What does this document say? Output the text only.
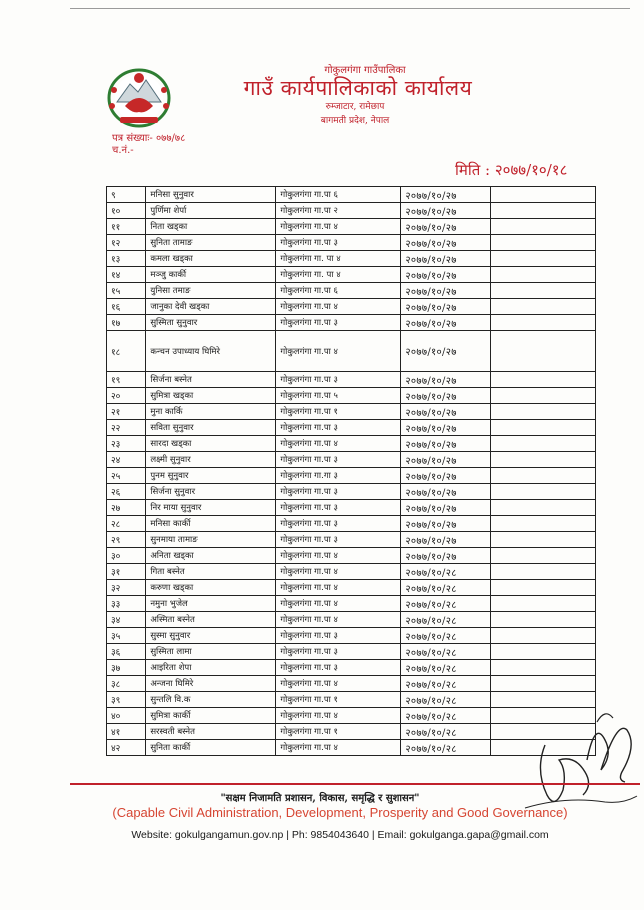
गोकुलगंगा गाउँपालिका
गाउँ कार्यपालिकाको कार्यालय
रुम्जाटार, रामेछाप
बागमती प्रदेश, नेपाल
पत्र संख्याः- ०७७/७८
च.नं.-
मिति : २०७७/१०/१८
९	मनिसा सुनुवार	गोकुलगंगा गा.पा ६	२०७७/१०/२७	
१०	पुर्णिमा शेर्पा	गोकुलगंगा गा.पा २	२०७७/१०/२७	
११	निता खड्का	गोकुलगंगा गा.पा ४	२०७७/१०/२७	
१२	सुनिता तामाङ	गोकुलगंगा गा.पा ३	२०७७/१०/२७	
१३	कमला खड्का	गोकुलगंगा गा. पा ४	२०७७/१०/२७	
१४	मञ्जु कार्की	गोकुलगंगा गा. पा ४	२०७७/१०/२७	
१५	युनिसा तमाङ	गोकुलगंगा गा.पा ६	२०७७/१०/२७	
१६	जानुका देवी खड्का	गोकुलगंगा गा.पा ४	२०७७/१०/२७	
१७	सुस्मिता सुनुवार	गोकुलगंगा गा.पा ३	२०७७/१०/२७	
१८	कन्चन उपाध्याय घिमिरे	गोकुलगंगा गा.पा ४	२०७७/१०/२७	
१९	सिर्जना बस्नेत	गोकुलगंगा गा.पा ३	२०७७/१०/२७	
२०	सुमित्रा खड्का	गोकुलगंगा गा.पा ५	२०७७/१०/२७	
२१	मुना कार्कि	गोकुलगंगा गा.पा १	२०७७/१०/२७	
२२	सविता सुनुवार	गोकुलगंगा गा.पा ३	२०७७/१०/२७	
२३	सारदा खड्का	गोकुलगंगा गा.पा ४	२०७७/१०/२७	
२४	लक्ष्मी सुनुवार	गोकुलगंगा गा.पा ३	२०७७/१०/२७	
२५	पुनम सुनुवार	गोकुलगंगा गा.गा ३	२०७७/१०/२७	
२६	सिर्जना सुनुवार	गोकुलगंगा गा.पा ३	२०७७/१०/२७	
२७	निर माया सुनुवार	गोकुलगंगा गा.पा ३	२०७७/१०/२७	
२८	मनिसा कार्की	गोकुलगंगा गा.पा ३	२०७७/१०/२७	
२९	सुनमाया तामाङ	गोकुलगंगा गा.पा ३	२०७७/१०/२७	
३०	अनिता खड्का	गोकुलगंगा गा.पा ४	२०७७/१०/२७	
३१	गिता बस्नेत	गोकुलगंगा गा.पा ४	२०७७/१०/२८	
३२	करुणा खड्का	गोकुलगंगा गा.पा ४	२०७७/१०/२८	
३३	नमुना भुजेल	गोकुलगंगा गा.पा ४	२०७७/१०/२८	
३४	अस्मिता बस्नेत	गोकुलगंगा गा.पा ४	२०७७/१०/२८	
३५	सुस्मा सुनुवार	गोकुलगंगा गा.पा ३	२०७७/१०/२८	
३६	सुस्मिता लामा	गोकुलगंगा गा.पा ३	२०७७/१०/२८	
३७	आइरिता शेपा	गोकुलगंगा गा.पा ३	२०७७/१०/२८	
३८	अन्जना घिमिरे	गोकुलगंगा गा.पा ४	२०७७/१०/२८	
३९	सुन्तलि वि.क	गोकुलगंगा गा.पा १	२०७७/१०/२८	
४०	सुमित्रा कार्की	गोकुलगंगा गा.पा ४	२०७७/१०/२८	
४१	सरस्वती बस्नेत	गोकुलगंगा गा.पा १	२०७७/१०/२८	
४२	सुनिता कार्की	गोकुलगंगा गा.पा ४	२०७७/१०/२८	
"सक्षम निजामति प्रशासन, विकास, समृद्धि र सुशासन"
(Capable Civil Administration, Development, Prosperity and Good Governance)
Website: gokulgangamun.gov.np | Ph: 9854043640 | Email: gokulganga.gapa@gmail.com
